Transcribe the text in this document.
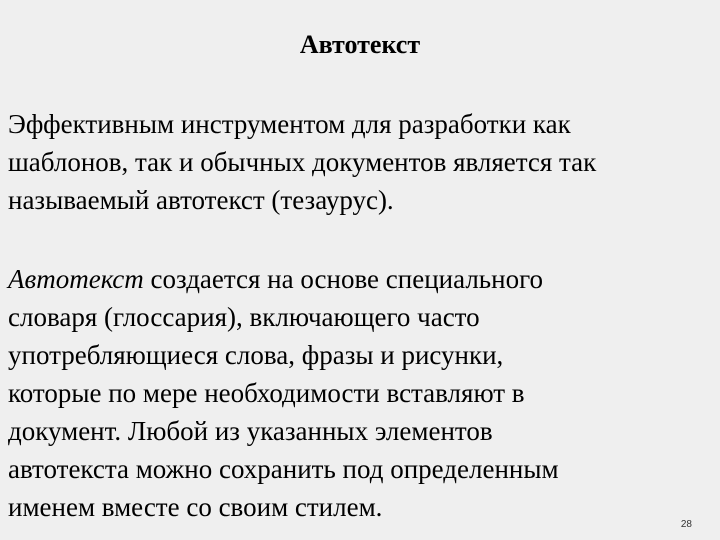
Автотекст

Эффективным инструментом для разработки как
шаблонов, так и обычных документов является так
называемый автотекст (тезаурус).

Автотекст создается на основе специального
словаря (глоссария), включающего часто
употребляющиеся слова, фразы и рисунки,
которые по мере необходимости вставляют в
документ. Любой из указанных элементов
автотекста можно сохранить под определенным
именем вместе со своим стилем.

28
